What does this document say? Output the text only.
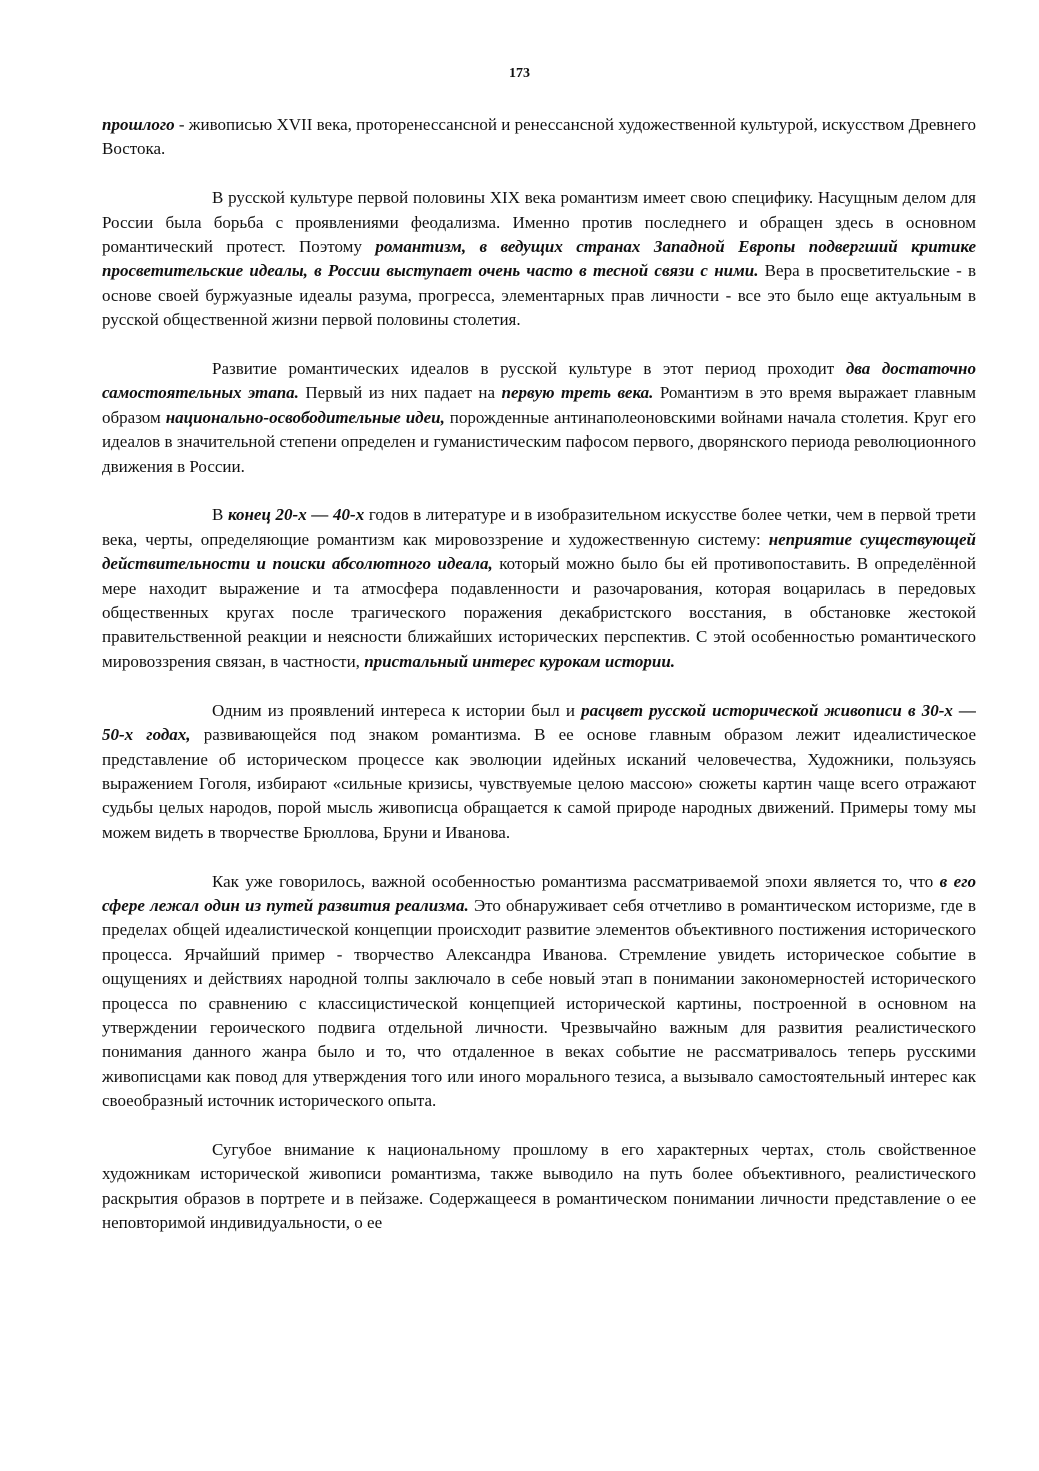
173

прошлого - живописью XVII века, проторенессансной и ренессансной художественной культурой, искусством Древнего Востока.

В русской культуре первой половины XIX века романтизм имеет свою специфику. Насущным делом для России была борьба с проявлениями феодализма. Именно против последнего и обращен здесь в основном романтический протест. Поэтому романтизм, в ведущих странах Западной Европы подвергший критике просветительские идеалы, в России выступает очень часто в тесной связи с ними. Вера в просветительские - в основе своей буржуазные идеалы разума, прогресса, элементарных прав личности - все это было еще актуальным в русской общественной жизни первой половины столетия.

Развитие романтических идеалов в русской культуре в этот период проходит два достаточно самостоятельных этапа. Первый из них падает на первую треть века. Романтиэм в это время выражает главным образом национально-освободительные идеи, порожденные антинаполеоновскими войнами начала столетия. Круг его идеалов в значительной степени определен и гуманистическим пафосом первого, дворянского периода революционного движения в России.

В конец 20-х — 40-х годов в литературе и в изобразительном искусстве более четки, чем в первой трети века, черты, определяющие романтизм как мировоззрение и художественную систему: неприятие существующей действительности и поиски абсолютного идеала, который можно было бы ей противопоставить. В определённой мере находит выражение и та атмосфера подавленности и разочарования, которая воцарилась в передовых общественных кругах после трагического поражения декабристского восстания, в обстановке жестокой правительственной реакции и неясности ближайших исторических перспектив. С этой особенностью романтического мировоззрения связан, в частности, пристальный интерес курокам истории.

Одним из проявлений интереса к истории был и расцвет русской исторической живописи в 30-х — 50-х годах, развивающейся под знаком романтизма. В ее основе главным образом лежит идеалистическое представление об историческом процессе как эволюции идейных исканий человечества, Художники, пользуясь выражением Гоголя, избирают «сильные кризисы, чувствуемые целою массою» сюжеты картин чаще всего отражают судьбы целых народов, порой мысль живописца обращается к самой природе народных движений. Примеры тому мы можем видеть в творчестве Брюллова, Бруни и Иванова.

Как уже говорилось, важной особенностью романтизма рассматриваемой эпохи является то, что в его сфере лежал один из путей развития реализма. Это обнаруживает себя отчетливо в романтическом историзме, где в пределах общей идеалистической концепции происходит развитие элементов объективного постижения исторического процесса. Ярчайший пример - творчество Александра Иванова. Стремление увидеть историческое событие в ощущениях и действиях народной толпы заключало в себе новый этап в понимании закономерностей исторического процесса по сравнению с классицистической концепцией исторической картины, построенной в основном на утверждении героического подвига отдельной личности. Чрезвычайно важным для развития реалистического понимания данного жанра было и то, что отдаленное в веках событие не рассматривалось теперь русскими живописцами как повод для утверждения того или иного морального тезиса, а вызывало самостоятельный интерес как своеобразный источник исторического опыта.

Сугубое внимание к национальному прошлому в его характерных чертах, столь свойственное художникам исторической живописи романтизма, также выводило на путь более объективного, реалистического раскрытия образов в портрете и в пейзаже. Содержащееся в романтическом понимании личности представление о ее неповторимой индивидуальности, о ее
